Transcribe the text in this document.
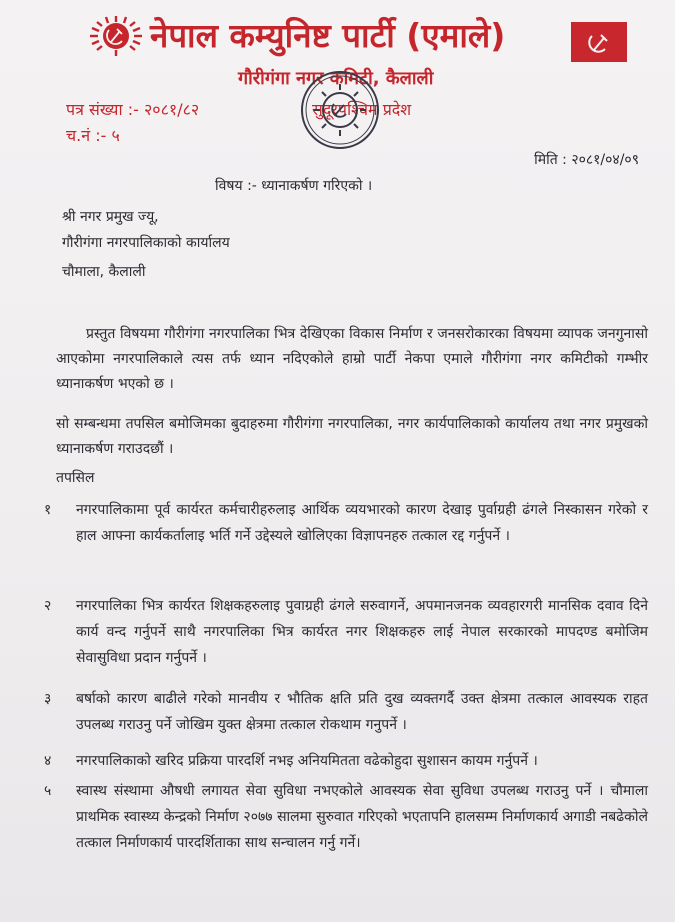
नेपाल कम्युनिष्ट पार्टी (एमाले)
गौरीगंगा नगर कमिटी, कैलाली
पत्र संख्या :- २०८१/८२
च.नं :- ५
सुदूरपश्चिम प्रदेश
मिति : २०८१/०४/०९
विषय :- ध्यानाकर्षण गरिएको ।
श्री नगर प्रमुख ज्यू,
गौरीगंगा नगरपालिकाको कार्यालय
चौमाला, कैलाली
प्रस्तुत विषयमा गौरीगंगा नगरपालिका भित्र देखिएका विकास निर्माण र जनसरोकारका विषयमा व्यापक जनगुनासो आएकोमा नगरपालिकाले त्यस तर्फ ध्यान नदिएकोले हाम्रो पार्टी नेकपा एमाले गौरीगंगा नगर कमिटीको गम्भीर ध्यानाकर्षण भएको छ ।
सो सम्बन्धमा तपसिल बमोजिमका बुदाहरुमा गौरीगंगा नगरपालिका, नगर कार्यपालिकाको कार्यालय तथा नगर प्रमुखको ध्यानाकर्षण गराउदछौं ।
तपसिल
१	नगरपालिकामा पूर्व कार्यरत कर्मचारीहरुलाइ आर्थिक व्ययभारको कारण देखाइ पुर्वाग्रही ढंगले निस्कासन गरेको र हाल आफ्ना कार्यकर्तालाइ भर्ति गर्ने उद्देस्यले खोलिएका विज्ञापनहरु तत्काल रद्द गर्नुपर्ने ।
२	नगरपालिका भित्र कार्यरत शिक्षकहरुलाइ पुवाग्रही ढंगले सरुवागर्ने, अपमानजनक व्यवहारगरी मानसिक दवाव दिने कार्य वन्द गर्नुपर्ने साथै नगरपालिका भित्र कार्यरत नगर शिक्षकहरु लाई नेपाल सरकारको मापदण्ड बमोजिम सेवासुविधा प्रदान गर्नुपर्ने ।
३	बर्षाको कारण बाढीले गरेको मानवीय र भौतिक क्षति प्रति दुख व्यक्तगर्दै उक्त क्षेत्रमा तत्काल आवस्यक राहत उपलब्ध गराउनु पर्ने जोखिम युक्त क्षेत्रमा तत्काल रोकथाम गनुपर्ने ।
४	नगरपालिकाको खरिद प्रक्रिया पारदर्शि नभइ अनियमितता वढेकोहुदा सुशासन कायम गर्नुपर्ने ।
५	स्वास्थ संस्थामा औषधी लगायत सेवा सुविधा नभएकोले आवस्यक सेवा सुविधा उपलब्ध गराउनु पर्ने । चौमाला प्राथमिक स्वास्थ्य केन्द्रको निर्माण २०७७ सालमा सुरुवात गरिएको भएतापनि हालसम्म निर्माणकार्य अगाडी नबढेकोले तत्काल निर्माणकार्य पारदर्शिताका साथ सन्चालन गर्नु गर्ने।
